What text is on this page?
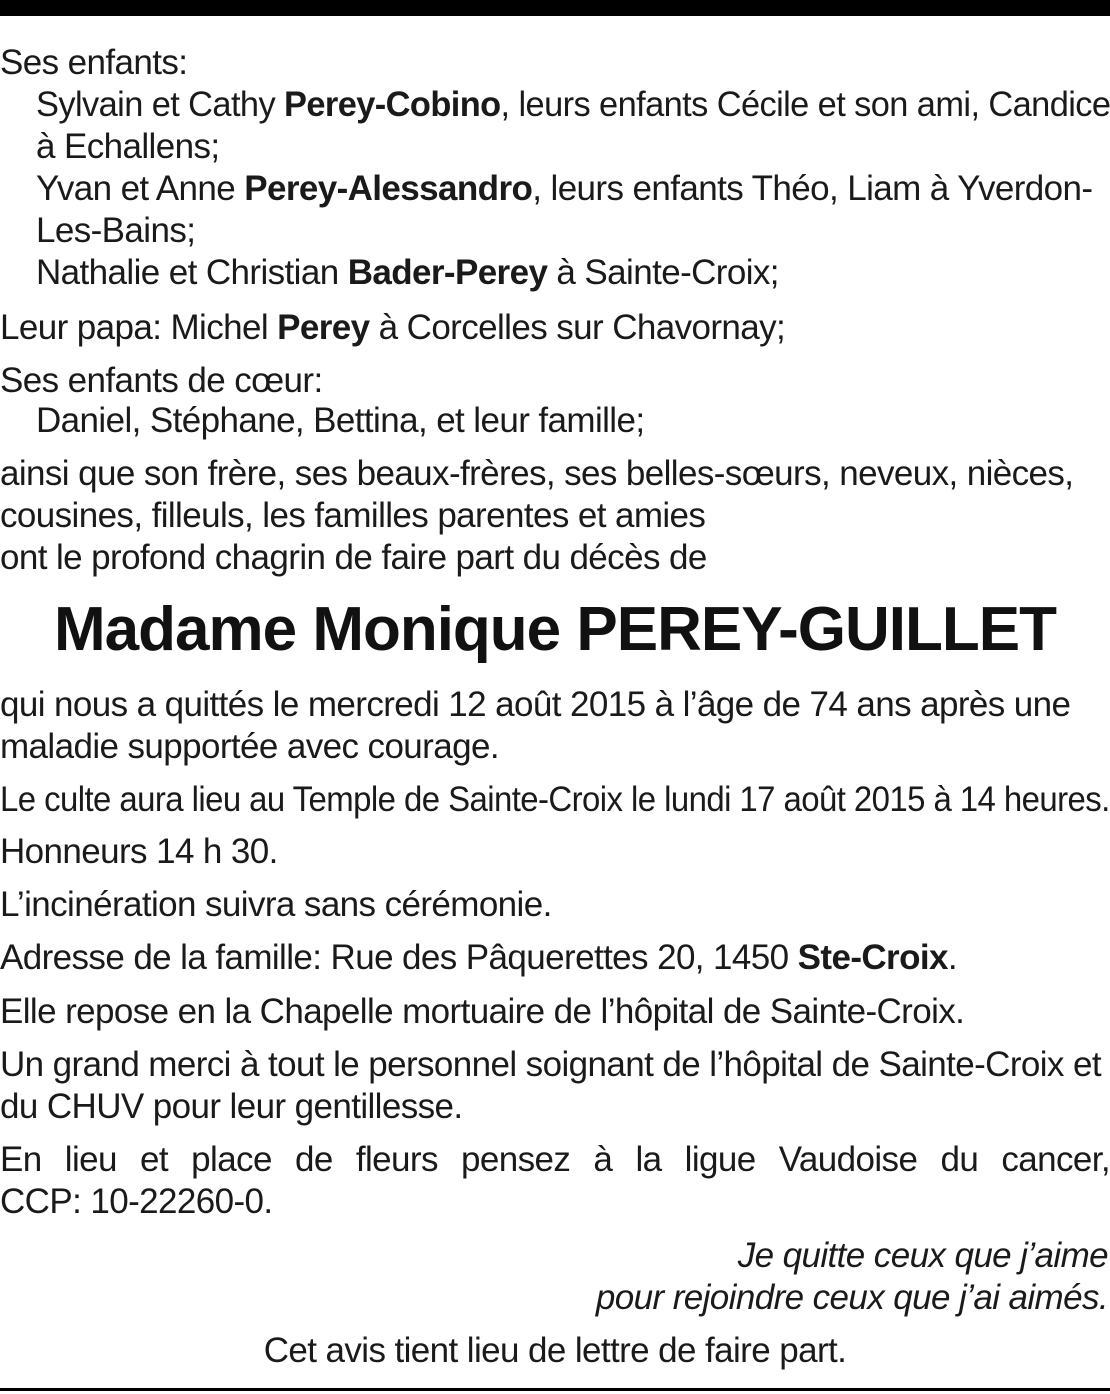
Ses enfants:

Sylvain et Cathy Perey-Cobino, leurs enfants Cécile et son ami, Candice

à Echallens;

Yvan et Anne Perey-Alessandro, leurs enfants Théo, Liam à Yverdon-

Les-Bains;

Nathalie et Christian Bader-Perey à Sainte-Croix;

Leur papa: Michel Perey à Corcelles sur Chavornay;

Ses enfants de cœur:

Daniel, Stéphane, Bettina, et leur famille;

ainsi que son frère, ses beaux-frères, ses belles-sœurs, neveux, nièces,

cousines, filleuls, les familles parentes et amies

ont le profond chagrin de faire part du décès de

Madame Monique PEREY-GUILLET

qui nous a quittés le mercredi 12 août 2015 à l’âge de 74 ans après une

maladie supportée avec courage.

Le culte aura lieu au Temple de Sainte-Croix le lundi 17 août 2015 à 14 heures.

Honneurs 14 h 30.

L’incinération suivra sans cérémonie.

Adresse de la famille: Rue des Pâquerettes 20, 1450 Ste-Croix.

Elle repose en la Chapelle mortuaire de l’hôpital de Sainte-Croix.

Un grand merci à tout le personnel soignant de l’hôpital de Sainte-Croix et

du CHUV pour leur gentillesse.

En lieu et place de fleurs pensez à la ligue Vaudoise du cancer,

CCP: 10-22260-0.

Je quitte ceux que j’aime

pour rejoindre ceux que j’ai aimés.

Cet avis tient lieu de lettre de faire part.
